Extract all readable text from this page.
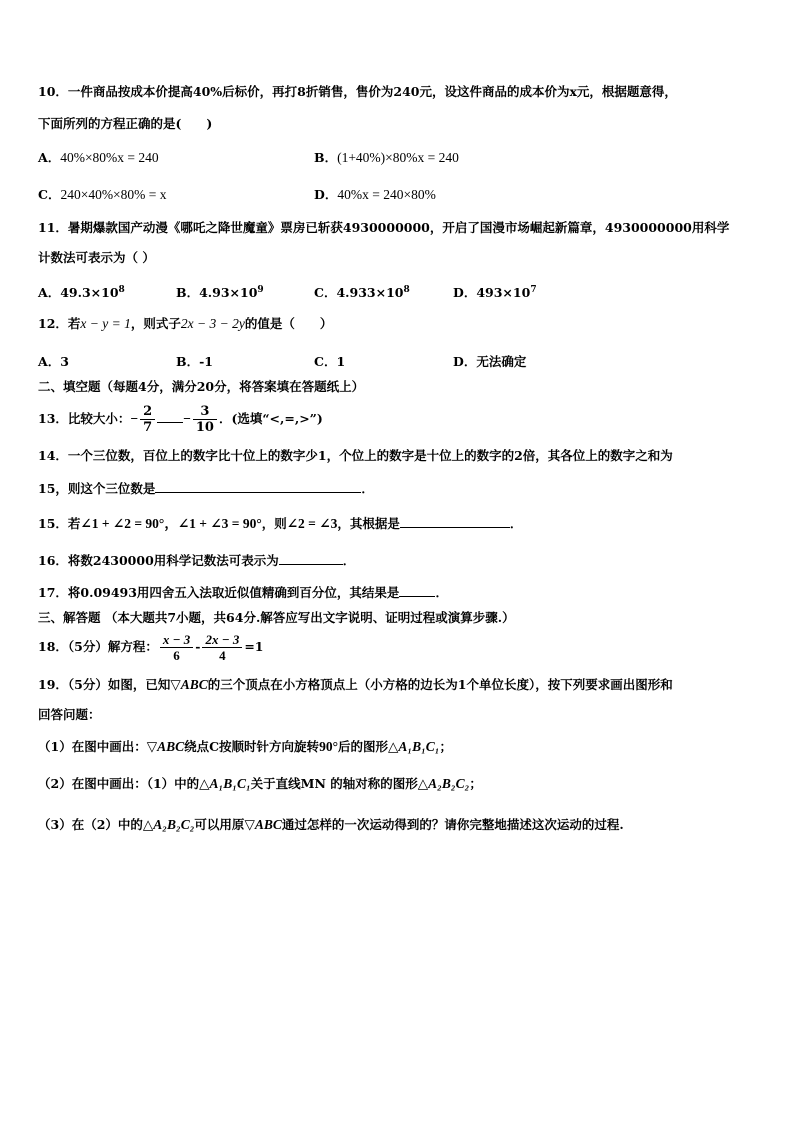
10．一件商品按成本价提高40%后标价，再打8折销售，售价为240元，设这件商品的成本价为x元，根据题意得，
下面所列的方程正确的是(　　)
A．40%×80%x = 240	B．(1+40%)×80%x = 240
C．240×40%×80% = x	D．40%x = 240×80%
11．暑期爆款国产动漫《哪吒之降世魔童》票房已斩获4930000000，开启了国漫市场崛起新篇章，4930000000用科学
计数法可表示为（ ）
A．$49.3\times 10^8$	B．$4.93\times 10^9$	C．$4.933\times 10^8$	D．$493\times 10^7$
12．若x − y = 1，则式子2x − 3 − 2y的值是（　　）
A．3	B．-1	C．1	D．无法确定
二、填空题（每题4分，满分20分，将答案填在答题纸上）
13．比较大小：− $\frac{2}{7} - \frac{3}{10}$ ．(选填“<,=,>”)
14．一个三位数，百位上的数字比十位上的数字少1，个位上的数字是十位上的数字的2倍，其各位上的数字之和为
15，则这个三位数是	．
15．若∠1 + ∠2 = 90°，∠1 + ∠3 = 90°，则∠2 = ∠3，其根据是	．
16．将数2430000用科学记数法可表示为	．
17．将0.09493用四舍五入法取近似值精确到百分位，其结果是	．
三、解答题 （本大题共7小题，共64分.解答应写出文字说明、证明过程或演算步骤.）
18．（5分）解方程： $\frac{x - 3}{6} - \frac{2x - 3}{4} =1$
19．（5分）如图，已知▽ABC的三个顶点在小方格顶点上（小方格的边长为1个单位长度），按下列要求画出图形和
回答问题：
（1）在图中画出：▽ABC绕点C按顺时针方向旋转90°后的图形△A₁B₁C₁；
（2）在图中画出：（1）中的△A₁B₁C₁关于直线MN 的轴对称的图形△A₂B₂C₂；
（3）在（2）中的△A₂B₂C₂可以用原▽ABC通过怎样的一次运动得到的？请你完整地描述这次运动的过程.
